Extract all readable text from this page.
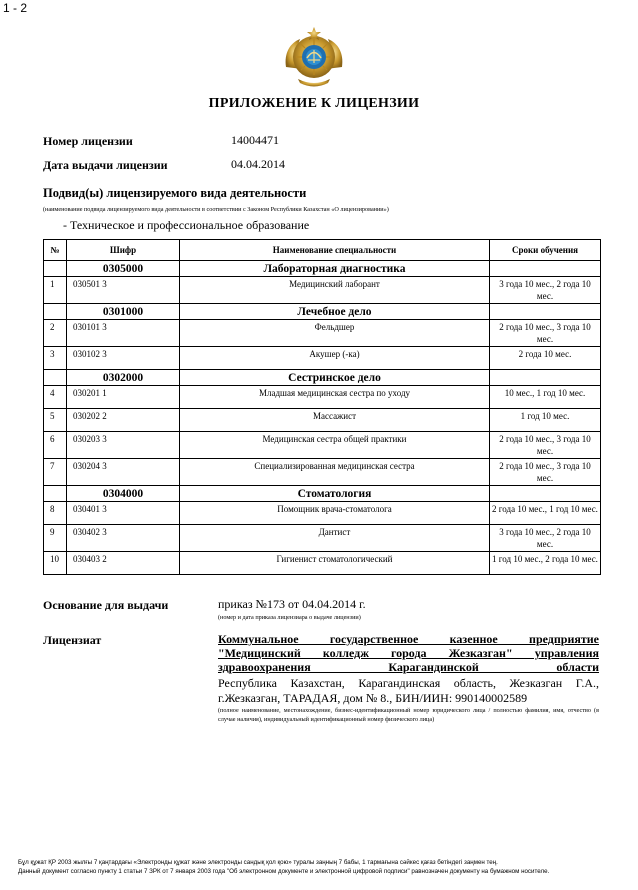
1 - 2
ПРИЛОЖЕНИЕ К ЛИЦЕНЗИИ
Номер лицензии	14004471
Дата выдачи лицензии	04.04.2014
Подвид(ы) лицензируемого вида деятельности
(наименование подвида лицензируемого вида деятельности в соответствии с Законом Республики Казахстан «О лицензировании»)
- Техническое и профессиональное образование
№	Шифр	Наименование специальности	Сроки обучения
	0305000	Лабораторная диагностика	
1	030501 3	Медицинский лаборант	3 года 10 мес., 2 года 10 мес.
	0301000	Лечебное дело	
2	030101 3	Фельдшер	2 года 10 мес., 3 года 10 мес.
3	030102 3	Акушер (-ка)	2 года 10 мес.
	0302000	Сестринское дело	
4	030201 1	Младшая медицинская сестра по уходу	10 мес., 1 год 10 мес.
5	030202 2	Массажист	1 год 10 мес.
6	030203 3	Медицинская сестра общей практики	2 года 10 мес., 3 года 10 мес.
7	030204 3	Специализированная медицинская сестра	2 года 10 мес., 3 года 10 мес.
	0304000	Стоматология	
8	030401 3	Помощник врача-стоматолога	2 года 10 мес., 1 год 10 мес.
9	030402 3	Дантист	3 года 10 мес., 2 года 10 мес.
10	030403 2	Гигиенист стоматологический	1 год 10 мес., 2 года 10 мес.
Основание для выдачи	приказ №173 от 04.04.2014 г.
(номер и дата приказа лицензиара о выдаче лицензии)
Лицензиат	Коммунальное государственное казенное предприятие "Медицинский колледж города Жезказган" управления здравоохранения Карагандинской области
Республика Казахстан, Карагандинская область, Жезказган Г.А., г.Жезказган, ТАРАДАЯ, дом № 8., БИН/ИИН: 990140002589
(полное наименование, местонахождение, бизнес-идентификационный номер юридического лица / полностью фамилия, имя, отчество (в случае наличия), индивидуальный идентификационный номер физического лица)
Бұл құжат ҚР 2003 жылғы 7 қаңтардағы «Электронды құжат және электронды сандық қол қою» туралы заңның 7 бабы, 1 тармағына сәйкес қағаз бетіндегі заңмен тең.
Данный документ согласно пункту 1 статьи 7 ЗРК от 7 января 2003 года "Об электронном документе и электронной цифровой подписи" равнозначен документу на бумажном носителе.
